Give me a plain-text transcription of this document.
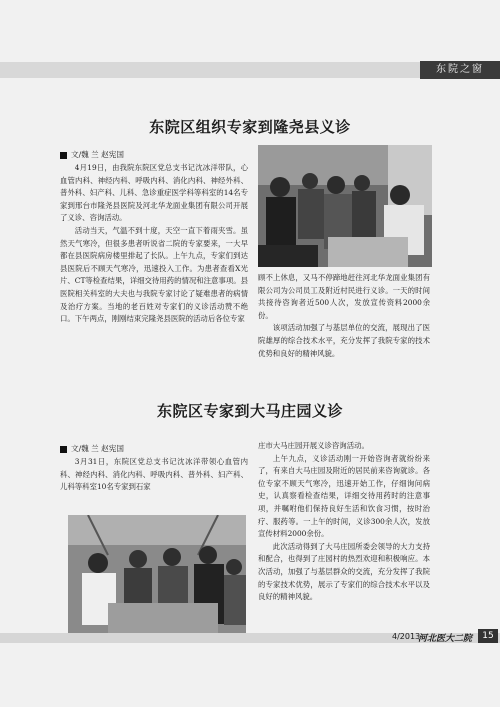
东院之窗
东院区组织专家到隆尧县义诊
文/魏 兰 赵宪国

4月19日，由我院东院区党总支书记沈冰洋带队，心血管内科、神经内科、呼吸内科、消化内科、神经外科、普外科、妇产科、儿科、急诊重症医学科等科室的14名专家到邢台市隆尧县医院及河北华龙面业集团有限公司开展了义诊、咨询活动。

活动当天，气温不到十度，天空一直下着雨夹雪。虽然天气寒冷，但很多患者听说省二院的专家要来，一大早都在县医院病房楼里排起了长队。上午九点，专家们到达县医院后不顾天气寒冷，迅速投入工作。为患者查看X光片、CT等检查结果，详细交待用药的情况和注意事项。县医院相关科室的大夫也与我院专家讨论了疑难患者的病情及治疗方案。当地的老百姓对专家们的义诊活动赞不绝口。下午两点，刚刚结束完隆尧县医院的活动后各位专家

顾不上休息，又马不停蹄地赶往河北华龙面业集团有限公司为公司员工及附近村民进行义诊。一天的时间共接待咨询者近500人次，发放宣传资料2000余份。

该项活动加强了与基层单位的交流，展现出了医院雄厚的综合技术水平，充分发挥了我院专家的技术优势和良好的精神风貌。

东院区专家到大马庄园义诊
文/魏 兰 赵宪国

3月31日，东院区党总支书记沈冰洋带领心血管内科、神经内科、消化内科、呼吸内科、普外科、妇产科、儿科等科室10名专家到石家

庄市大马庄园开展义诊咨询活动。

上午九点，义诊活动刚一开始咨询者就纷纷来了，有来自大马庄园及附近的居民前来咨询就诊。各位专家不顾天气寒冷，迅速开始工作，仔细询问病史，认真察看检查结果，详细交待用药时的注意事项，并嘱咐他们保持良好生活和饮食习惯，按时治疗、服药等。一上午的时间，义诊300余人次，发放宣传材料2000余份。

此次活动得到了大马庄园所委会领导的大力支持和配合，也得到了庄园村的热烈欢迎和积极响应。本次活动，加强了与基层群众的交流，充分发挥了我院的专家技术优势，展示了专家们的综合技术水平以及良好的精神风貌。

4/2013
河北医大二院	15
